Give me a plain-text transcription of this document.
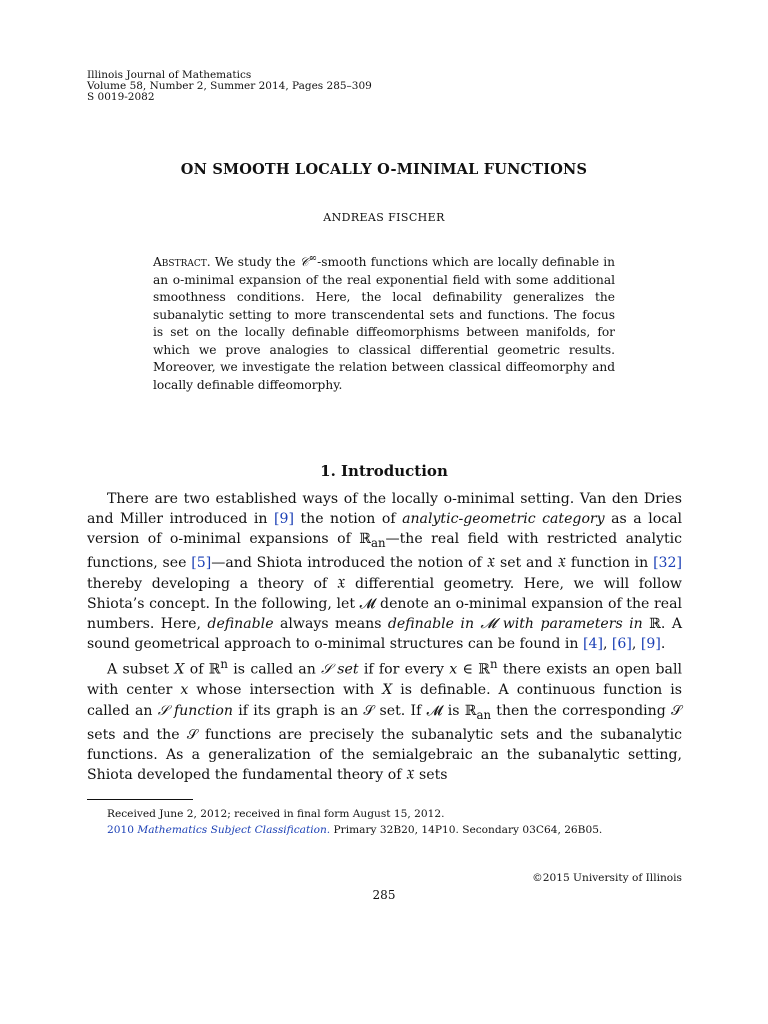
Illinois Journal of Mathematics
Volume 58, Number 2, Summer 2014, Pages 285–309
S 0019-2082
ON SMOOTH LOCALLY O-MINIMAL FUNCTIONS
ANDREAS FISCHER
Abstract. We study the 𝒞∞-smooth functions which are locally definable in an o-minimal expansion of the real exponential field with some additional smoothness conditions. Here, the local definability generalizes the subanalytic setting to more transcendental sets and functions. The focus is set on the locally definable diffeomorphisms between manifolds, for which we prove analogies to classical differential geometric results. Moreover, we investigate the relation between classical diffeomorphy and locally definable diffeomorphy.
1. Introduction

There are two established ways of the locally o-minimal setting. Van den Dries and Miller introduced in [9] the notion of analytic-geometric category as a local version of o-minimal expansions of ℝ$_{an}$—the real field with restricted analytic functions, see [5]—and Shiota introduced the notion of 𝔛 set and 𝔛 function in [32] thereby developing a theory of 𝔛 differential geometry. Here, we will follow Shiota’s concept. In the following, let 𝓜 denote an o-minimal expansion of the real numbers. Here, definable always means definable in 𝓜 with parameters in ℝ. A sound geometrical approach to o-minimal structures can be found in [4], [6], [9].

A subset X of ℝ$^n$ is called an 𝒮 set if for every x ∈ ℝ$^n$ there exists an open ball with center x whose intersection with X is definable. A continuous function is called an 𝒮 function if its graph is an 𝒮 set. If 𝓜 is ℝ$_{an}$ then the corresponding 𝒮 sets and the 𝒮 functions are precisely the subanalytic sets and the subanalytic functions. As a generalization of the semialgebraic an the subanalytic setting, Shiota developed the fundamental theory of 𝔛 sets

Received June 2, 2012; received in final form August 15, 2012.

2010 Mathematics Subject Classification. Primary 32B20, 14P10. Secondary 03C64, 26B05.

©2015 University of Illinois
285
